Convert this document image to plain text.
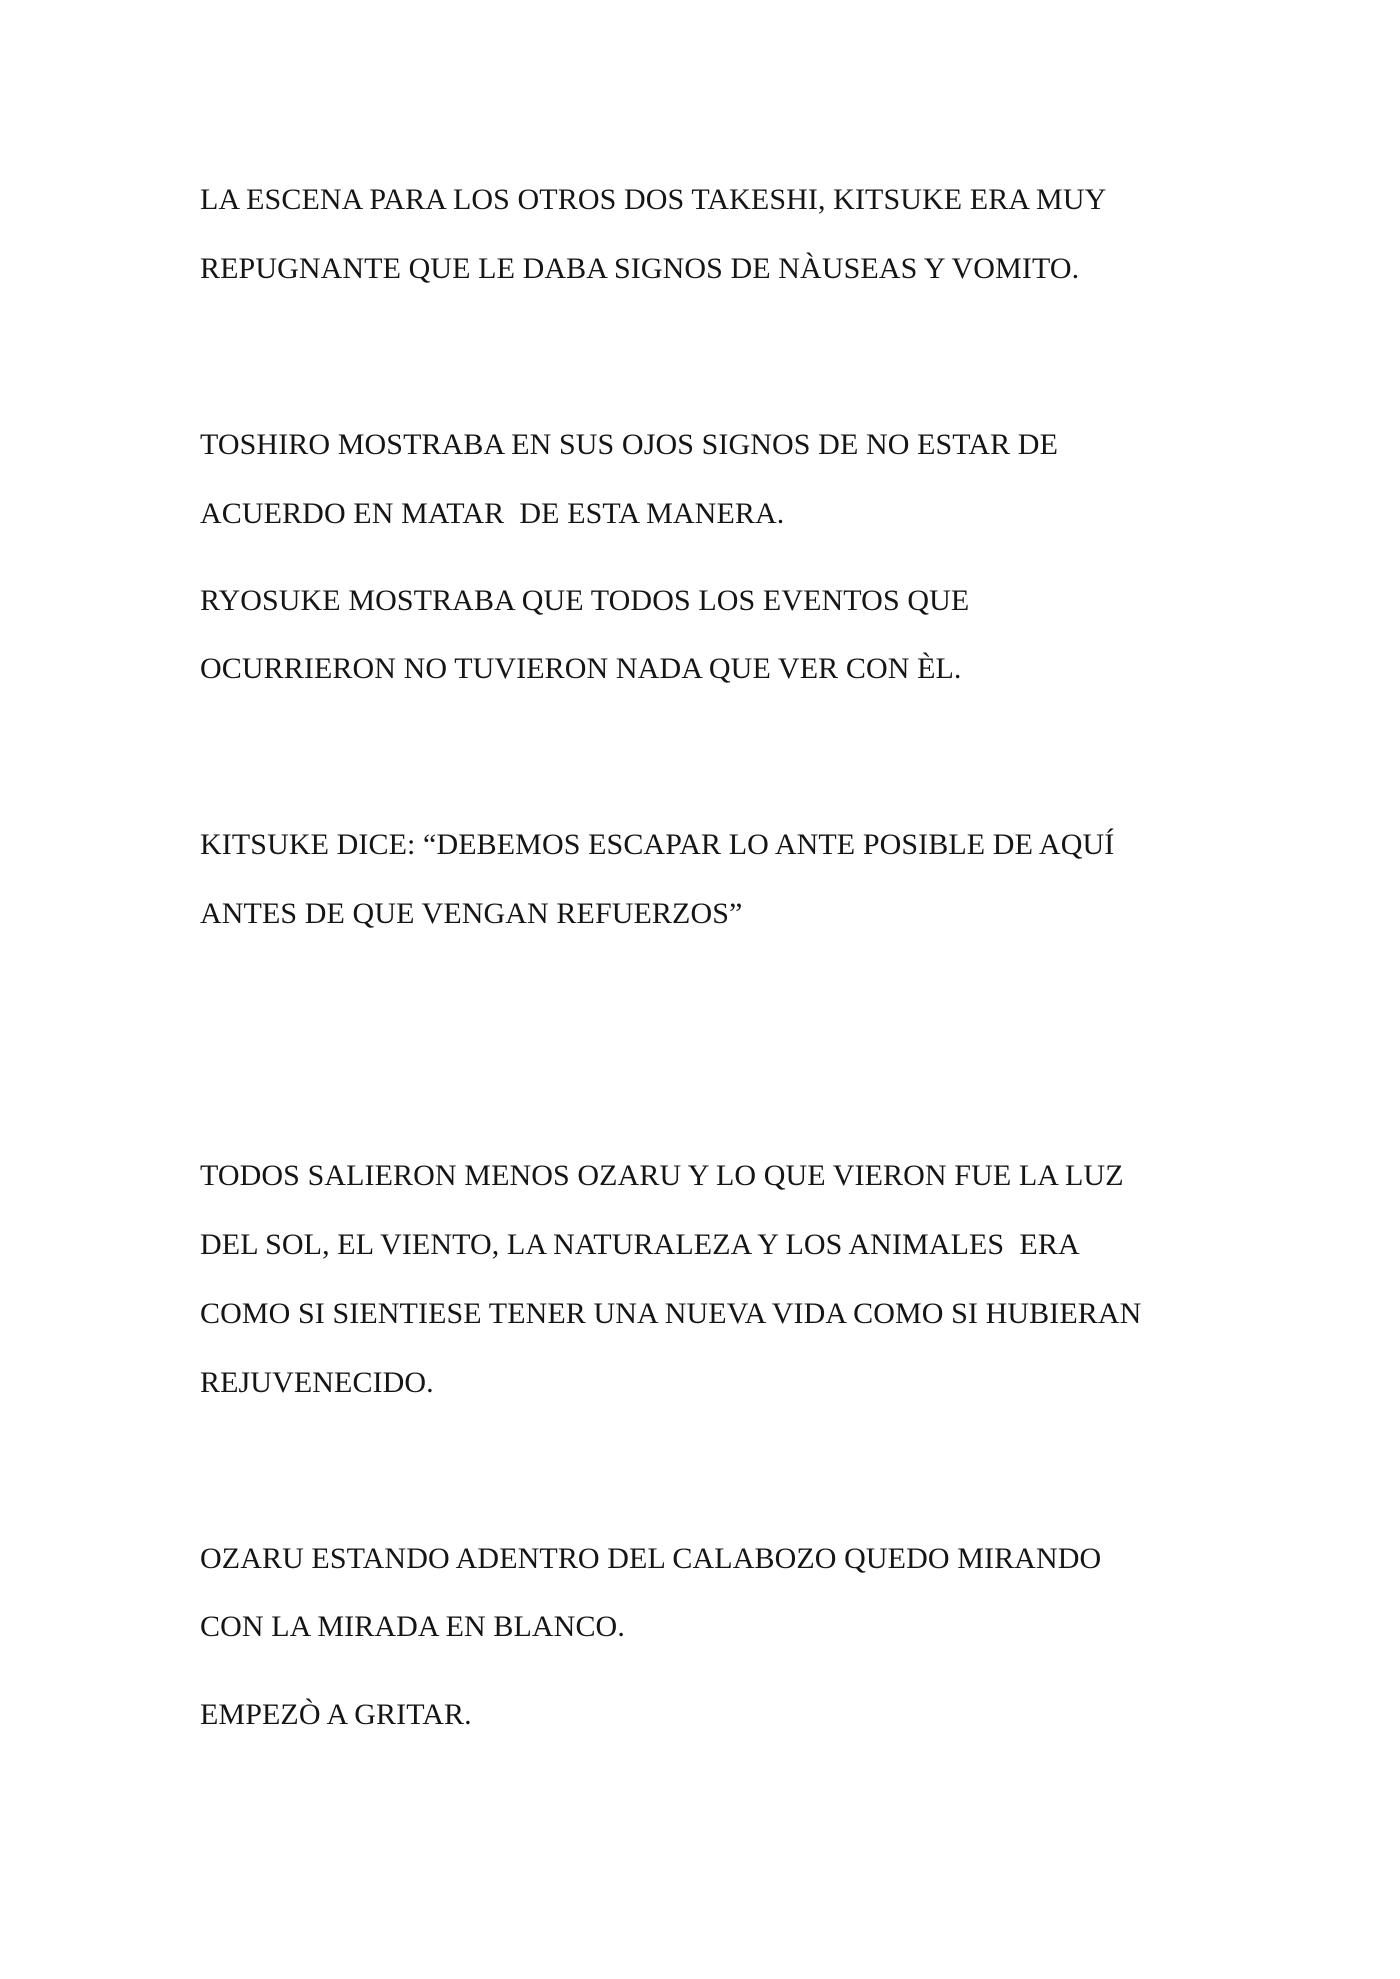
LA ESCENA PARA LOS OTROS DOS TAKESHI, KITSUKE ERA MUY
REPUGNANTE QUE LE DABA SIGNOS DE NÀUSEAS Y VOMITO.
TOSHIRO MOSTRABA EN SUS OJOS SIGNOS DE NO ESTAR DE
ACUERDO EN MATAR  DE ESTA MANERA.
RYOSUKE MOSTRABA QUE TODOS LOS EVENTOS QUE
OCURRIERON NO TUVIERON NADA QUE VER CON ÈL.
KITSUKE DICE: “DEBEMOS ESCAPAR LO ANTE POSIBLE DE AQUÍ
ANTES DE QUE VENGAN REFUERZOS”
TODOS SALIERON MENOS OZARU Y LO QUE VIERON FUE LA LUZ
DEL SOL, EL VIENTO, LA NATURALEZA Y LOS ANIMALES  ERA
COMO SI SIENTIESE TENER UNA NUEVA VIDA COMO SI HUBIERAN
REJUVENECIDO.
OZARU ESTANDO ADENTRO DEL CALABOZO QUEDO MIRANDO
CON LA MIRADA EN BLANCO.
EMPEZÒ A GRITAR.
